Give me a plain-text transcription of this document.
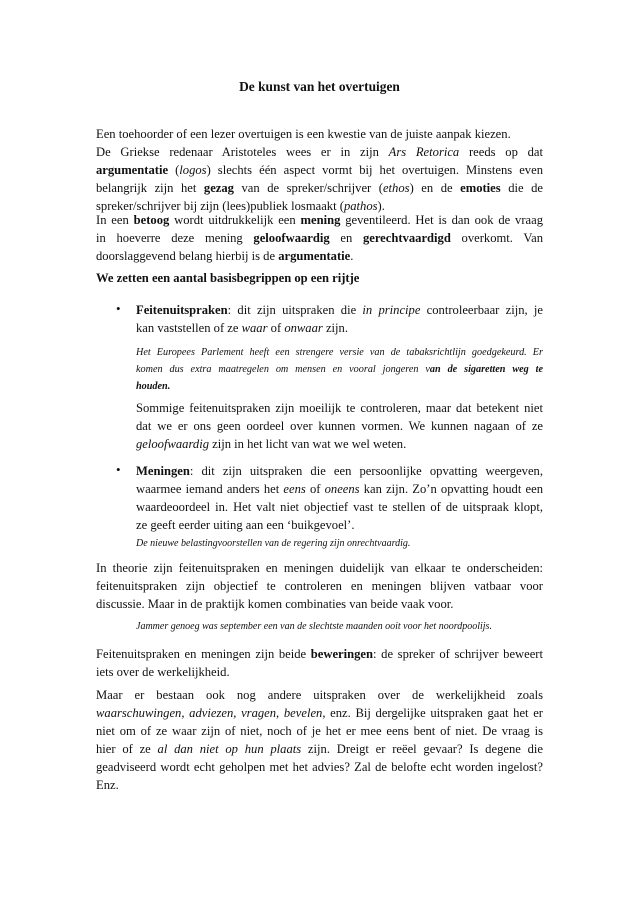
De kunst van het overtuigen
Een toehoorder of een lezer overtuigen is een kwestie van de juiste aanpak kiezen.
De Griekse redenaar Aristoteles wees er in zijn Ars Retorica reeds op dat
argumentatie (logos) slechts één aspect vormt bij het overtuigen. Minstens even
belangrijk zijn het gezag van de spreker/schrijver (ethos) en de emoties die de
spreker/schrijver bij zijn (lees)publiek losmaakt (pathos).
In een betoog wordt uitdrukkelijk een mening geventileerd. Het is dan ook de vraag
in hoeverre deze mening geloofwaardig en gerechtvaardigd overkomt. Van
doorslaggevend belang hierbij is de argumentatie.
We zetten een aantal basisbegrippen op een rijtje
• Feitenuitspraken: dit zijn uitspraken die in principe controleerbaar zijn, je
kan vaststellen of ze waar of onwaar zijn.
Het Europees Parlement heeft een strengere versie van de tabaksrichtlijn goedgekeurd. Er
komen dus extra maatregelen om mensen en vooral jongeren van de sigaretten weg te
houden.
Sommige feitenuitspraken zijn moeilijk te controleren, maar dat betekent niet
dat we er ons geen oordeel over kunnen vormen. We kunnen nagaan of ze
geloofwaardig zijn in het licht van wat we wel weten.
• Meningen: dit zijn uitspraken die een persoonlijke opvatting weergeven,
waarmee iemand anders het eens of oneens kan zijn. Zo’n opvatting houdt een
waardeoordeel in. Het valt niet objectief vast te stellen of de uitspraak klopt,
ze geeft eerder uiting aan een ‘buikgevoel’.
De nieuwe belastingvoorstellen van de regering zijn onrechtvaardig.
In theorie zijn feitenuitspraken en meningen duidelijk van elkaar te onderscheiden:
feitenuitspraken zijn objectief te controleren en meningen blijven vatbaar voor
discussie. Maar in de praktijk komen combinaties van beide vaak voor.
Jammer genoeg was september een van de slechtste maanden ooit voor het noordpoolijs.
Feitenuitspraken en meningen zijn beide beweringen: de spreker of schrijver beweert
iets over de werkelijkheid.
Maar er bestaan ook nog andere uitspraken over de werkelijkheid zoals
waarschuwingen, adviezen, vragen, bevelen, enz. Bij dergelijke uitspraken gaat het er
niet om of ze waar zijn of niet, noch of je het er mee eens bent of niet. De vraag is
hier of ze al dan niet op hun plaats zijn. Dreigt er reëel gevaar? Is degene die
geadviseerd wordt echt geholpen met het advies? Zal de belofte echt worden ingelost?
Enz.
